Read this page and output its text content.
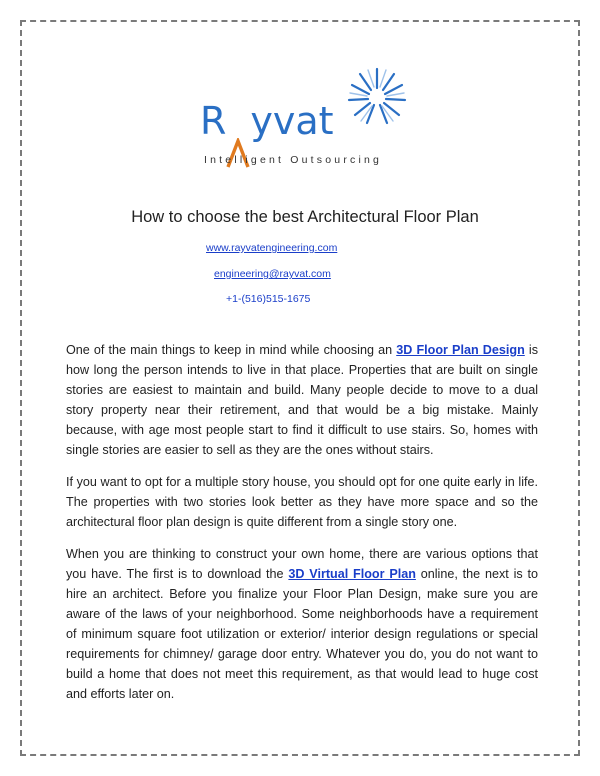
R yvat
Intelligent Outsourcing
How to choose the best Architectural Floor Plan
www.rayvatengineering.com
engineering@rayvat.com
+1-(516)515-1675

One of the main things to keep in mind while choosing an 3D Floor Plan Design is how long the person intends to live in that place. Properties that are built on single stories are easiest to maintain and build. Many people decide to move to a dual story property near their retirement, and that would be a big mistake. Mainly because, with age most people start to find it difficult to use stairs. So, homes with single stories are easier to sell as they are the ones without stairs.

If you want to opt for a multiple story house, you should opt for one quite early in life. The properties with two stories look better as they have more space and so the architectural floor plan design is quite different from a single story one.

When you are thinking to construct your own home, there are various options that you have. The first is to download the 3D Virtual Floor Plan online, the next is to hire an architect. Before you finalize your Floor Plan Design, make sure you are aware of the laws of your neighborhood. Some neighborhoods have a requirement of minimum square foot utilization or exterior/ interior design regulations or special requirements for chimney/ garage door entry. Whatever you do, you do not want to build a home that does not meet this requirement, as that would lead to huge cost and efforts later on.
